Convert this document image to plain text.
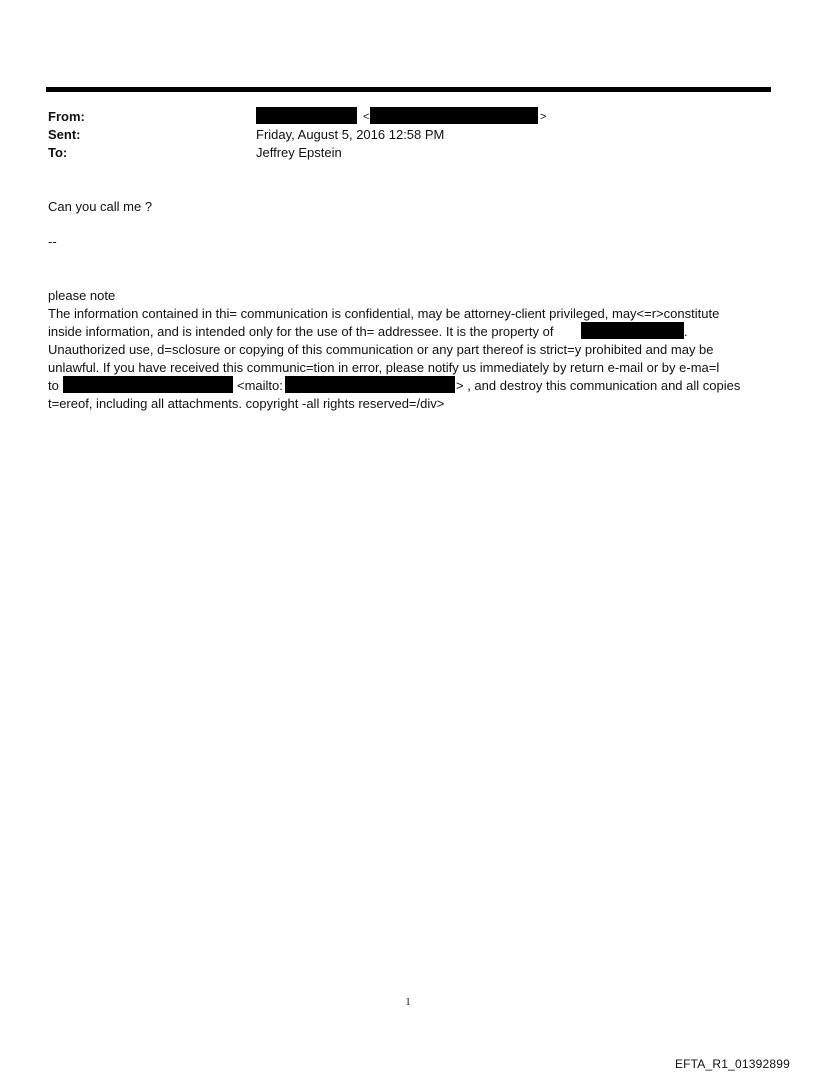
From:	<	>
Sent:	Friday, August 5, 2016 12:58 PM
To:	Jeffrey Epstein
Can you call me ?
--
please note
The information contained in thi= communication is confidential, may be attorney-client privileged, may<=r>constitute
inside information, and is intended only for the use of th= addressee. It is the property of	.
Unauthorized use, d=sclosure or copying of this communication or any part thereof is strict=y prohibited and may be
unlawful. If you have received this communic=tion in error, please notify us immediately by return e-mail or by e-ma=l
to	<mailto:	> , and destroy this communication and all copies
t=ereof, including all attachments. copyright -all rights reserved=/div>
1
EFTA_R1_01392899
